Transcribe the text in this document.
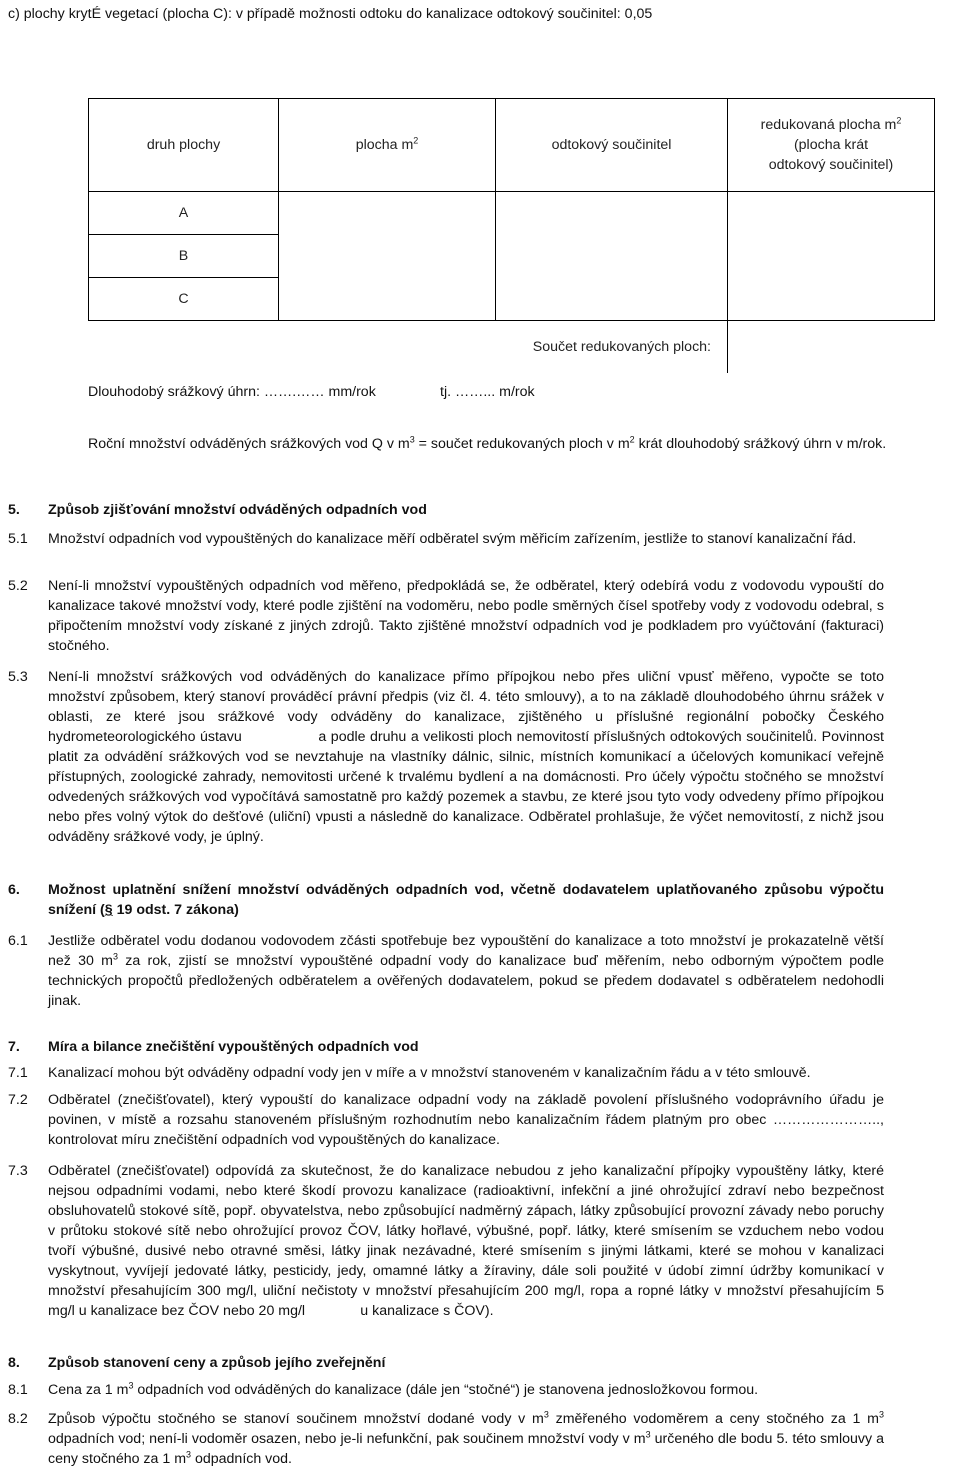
c) plochy krytÉ vegetací (plocha C): v případě možnosti odtoku do kanalizace odtokový součinitel: 0,05
druh plochy	plocha $m^2$	odtokový součinitel	redukovaná plocha $m^2$
(plocha krát
odtokový součinitel)
A			
B			
C			
Součet redukovaných ploch:			
Dlouhodobý srážkový úhrn: …….…… mm/rok	tj. ……... m/rok
Roční množství odváděných srážkových vod Q v $m^3$ = součet redukovaných ploch v $m^2$ krát dlouhodobý srážkový úhrn v m/rok.
5. Způsob zjišťování množství odváděných odpadních vod
5.1 Množství odpadních vod vypouštěných do kanalizace měří odběratel svým měřicím zařízením, jestliže to stanoví kanalizační řád.
5.2 Není-li množství vypouštěných odpadních vod měřeno, předpokládá se, že odběratel, který odebírá vodu z vodovodu vypouští do kanalizace takové množství vody, které podle zjištění na vodoměru, nebo podle směrných čísel spotřeby vody z vodovodu odebral, s připočtením množství vody získané z jiných zdrojů. Takto zjištěné množství odpadních vod je podkladem pro vyúčtování (fakturaci) stočného.
5.3 Není-li množství srážkových vod odváděných do kanalizace přímo přípojkou nebo přes uliční vpusť měřeno, vypočte se toto množství způsobem, který stanoví prováděcí právní předpis (viz čl. 4. této smlouvy), a to na základě dlouhodobého úhrnu srážek v oblasti, ze které jsou srážkové vody odváděny do kanalizace, zjištěného u příslušné regionální pobočky Českého hydrometeorologického ústavu                 a podle druhu a velikosti ploch nemovitostí příslušných odtokových součinitelů. Povinnost platit za odvádění srážkových vod se nevztahuje na vlastníky dálnic, silnic, místních komunikací a účelových komunikací veřejně přístupných, zoologické zahrady, nemovitosti určené k trvalému bydlení a na domácnosti. Pro účely výpočtu stočného se množství odvedených srážkových vod vypočítává samostatně pro každý pozemek a stavbu, ze které jsou tyto vody odvedeny přímo přípojkou nebo přes volný výtok do dešťové (uliční) vpusti a následně do kanalizace. Odběratel prohlašuje, že výčet nemovitostí, z nichž jsou odváděny srážkové vody, je úplný.
6. Možnost uplatnění snížení množství odváděných odpadních vod, včetně dodavatelem uplatňovaného způsobu výpočtu snížení (§ 19 odst. 7 zákona)
6.1 Jestliže odběratel vodu dodanou vodovodem zčásti spotřebuje bez vypouštění do kanalizace a toto množství je prokazatelně větší než 30 $m^3$ za rok, zjistí se množství vypouštěné odpadní vody do kanalizace buď měřením, nebo odborným výpočtem podle technických propočtů předložených odběratelem a ověřených dodavatelem, pokud se předem dodavatel s odběratelem nedohodli jinak.
7. Míra a bilance znečištění vypouštěných odpadních vod
7.1 Kanalizací mohou být odváděny odpadní vody jen v míře a v množství stanoveném v kanalizačním řádu a v této smlouvě.
7.2 Odběratel (znečišťovatel), který vypouští do kanalizace odpadní vody na základě povolení příslušného vodoprávního úřadu je povinen, v místě a rozsahu stanoveném příslušným rozhodnutím nebo kanalizačním řádem platným pro obec ………………….., kontrolovat míru znečištění odpadních vod vypouštěných do kanalizace.
7.3 Odběratel (znečišťovatel) odpovídá za skutečnost, že do kanalizace nebudou z jeho kanalizační přípojky vypouštěny látky, které nejsou odpadními vodami, nebo které škodí provozu kanalizace (radioaktivní, infekční a jiné ohrožující zdraví nebo bezpečnost obsluhovatelů stokové sítě, popř. obyvatelstva, nebo způsobující nadměrný zápach, látky způsobující provozní závady nebo poruchy v průtoku stokové sítě nebo ohrožující provoz ČOV, látky hořlavé, výbušné, popř. látky, které smísením se vzduchem nebo vodou tvoří výbušné, dusivé nebo otravné směsi, látky jinak nezávadné, které smísením s jinými látkami, které se mohou v kanalizaci vyskytnout, vyvíjejí jedovaté látky, pesticidy, jedy, omamné látky a žíraviny, dále soli použité v údobí zimní údržby komunikací v množství přesahujícím 300 mg/l, uliční nečistoty v množství přesahujícím 200 mg/l, ropa a ropné látky v množství přesahujícím 5 mg/l u kanalizace bez ČOV nebo 20 mg/l              u kanalizace s ČOV).
8. Způsob stanovení ceny a způsob jejího zveřejnění
8.1 Cena za 1 $m^3$ odpadních vod odváděných do kanalizace (dále jen “stočné“) je stanovena jednosložkovou formou.
8.2 Způsob výpočtu stočného se stanoví součinem množství dodané vody v $m^3$ změřeného vodoměrem a ceny stočného za 1 $m^3$ odpadních vod; není-li vodoměr osazen, nebo je-li nefunkční, pak součinem množství vody v $m^3$ určeného dle bodu 5. této smlouvy a ceny stočného za 1 $m^3$ odpadních vod.
